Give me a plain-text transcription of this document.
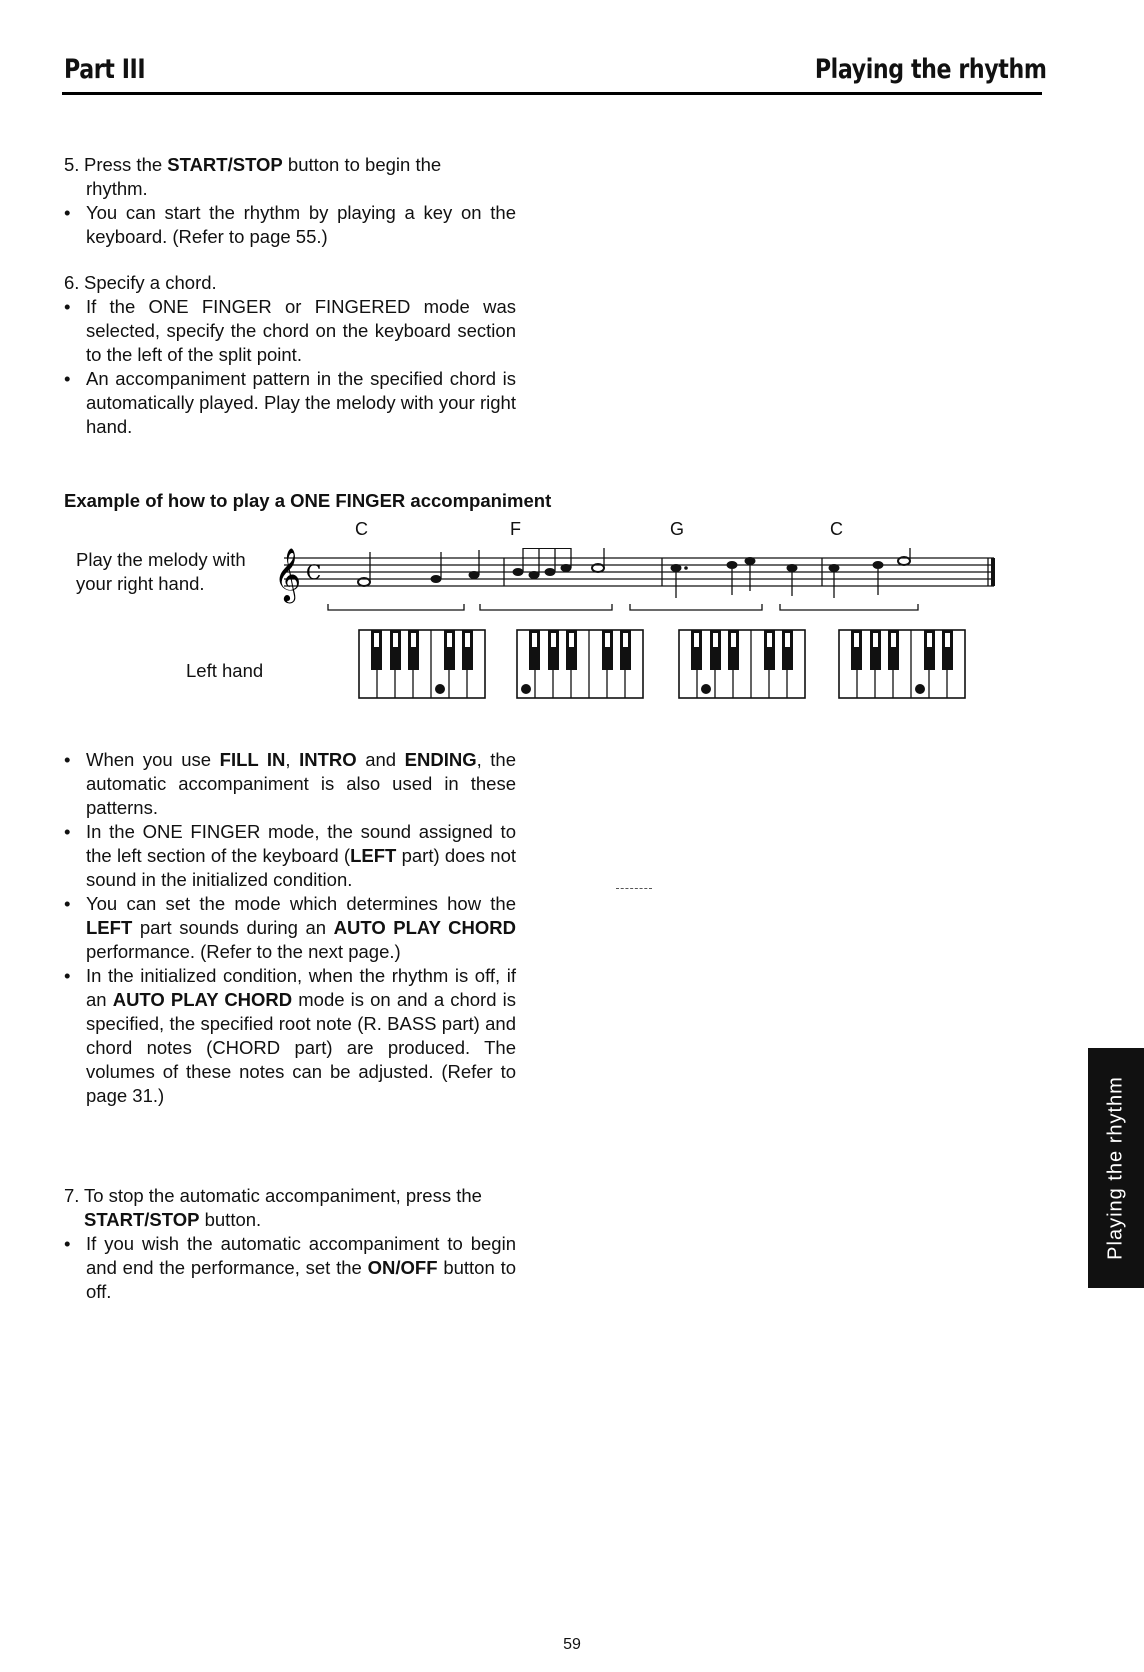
Part III	Playing the rhythm

5. Press the START/STOP button to begin the

rhythm.

• You can start the rhythm by playing a key on the keyboard. (Refer to page 55.)

6. Specify a chord.

• If the ONE FINGER or FINGERED mode was selected, specify the chord on the keyboard section to the left of the split point.

• An accompaniment pattern in the specified chord is automatically played. Play the melody with your right hand.

Example of how to play a ONE FINGER accompaniment
C	F	G	C
Play the melody with
your right hand.	𝄞 C
Left hand

• When you use FILL IN, INTRO and ENDING, the automatic accompaniment is also used in these patterns.

• In the ONE FINGER mode, the sound assigned to the left section of the keyboard (LEFT part) does not sound in the initialized condition.

• You can set the mode which determines how the LEFT part sounds during an AUTO PLAY CHORD performance. (Refer to the next page.)

• In the initialized condition, when the rhythm is off, if an AUTO PLAY CHORD mode is on and a chord is specified, the specified root note (R. BASS part) and chord notes (CHORD part) are produced. The volumes of these notes can be adjusted. (Refer to page 31.)

7. To stop the automatic accompaniment, press the START/STOP button.

• If you wish the automatic accompaniment to begin and end the performance, set the ON/OFF button to off.

Playing the rhythm
59
